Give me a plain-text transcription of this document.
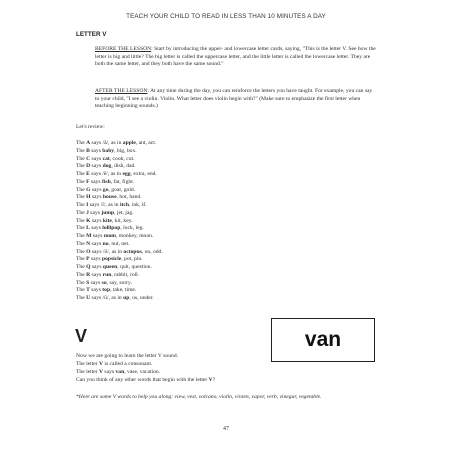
TEACH YOUR CHILD TO READ IN LESS THAN 10 MINUTES A DAY
LETTER V

BEFORE THE LESSON: Start by introducing the upper- and lowercase letter cards, saying, "This is the letter V. See how the letter is big and little? The big letter is called the uppercase letter, and the little letter is called the lowercase letter. They are both the same letter, and they both have the same sound."

AFTER THE LESSON: At any time during the day, you can reinforce the letters you have taught. For example, you can say to your child, "I see a violin. Violin. What letter does violin begin with?" (Make sure to emphasize the first letter when teaching beginning sounds.)

Let's review:
The A says /ă/, as in apple, ant, act.
The B says baby, big, box.
The C says cat, cook, cut.
The D says dog, dish, dad.
The E says /ĕ/, as in egg, extra, end.
The F says fish, fat, fight.
The G says go, goat, gold.
The H says house, hot, hand.
The I says /ĭ/, as in itch, ink, if.
The J says jump, jet, jag.
The K says kite, kit, key.
The L says lollipop, lock, leg.
The M says mom, monkey, moon.
The N says no, nut, net.
The O says /ŏ/, as in octopus, on, odd.
The P says popsicle, pot, pin.
The Q says queen, quit, question.
The R says run, rabbit, roll.
The S says so, say, sorry.
The T says top, take, time.
The U says /ŭ/, as in up, us, under.
V	van
Now we are going to learn the letter V sound.
The letter V is called a consonant.
The letter V says van, vase, vacation.
Can you think of any other words that begin with the letter V?
*Here are some V words to help you along: view, vest, volcano, violin, vivzen, vapor, verb, vinegar, vegetable.
47
